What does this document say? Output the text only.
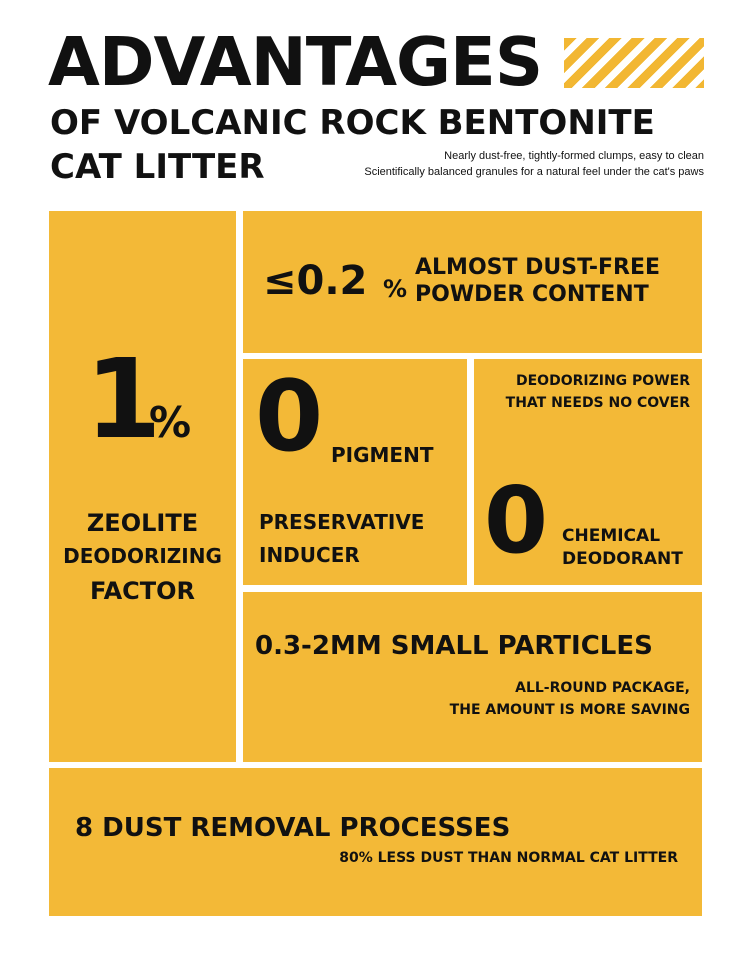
ADVANTAGES
OF VOLCANIC ROCK BENTONITE
CAT LITTER	Nearly dust-free, tightly-formed clumps, easy to clean
Scientifically balanced granules for a natural feel under the cat's paws
1
%
ZEOLITE
DEODORIZING
FACTOR
≤0.2 %
ALMOST DUST-FREE
POWDER CONTENT
0 PIGMENT
PRESERVATIVE
INDUCER
DEODORIZING POWER
THAT NEEDS NO COVER
0 CHEMICAL
DEODORANT
0.3-2MM SMALL PARTICLES
ALL-ROUND PACKAGE,
THE AMOUNT IS MORE SAVING
8 DUST REMOVAL PROCESSES
80% LESS DUST THAN NORMAL CAT LITTER
